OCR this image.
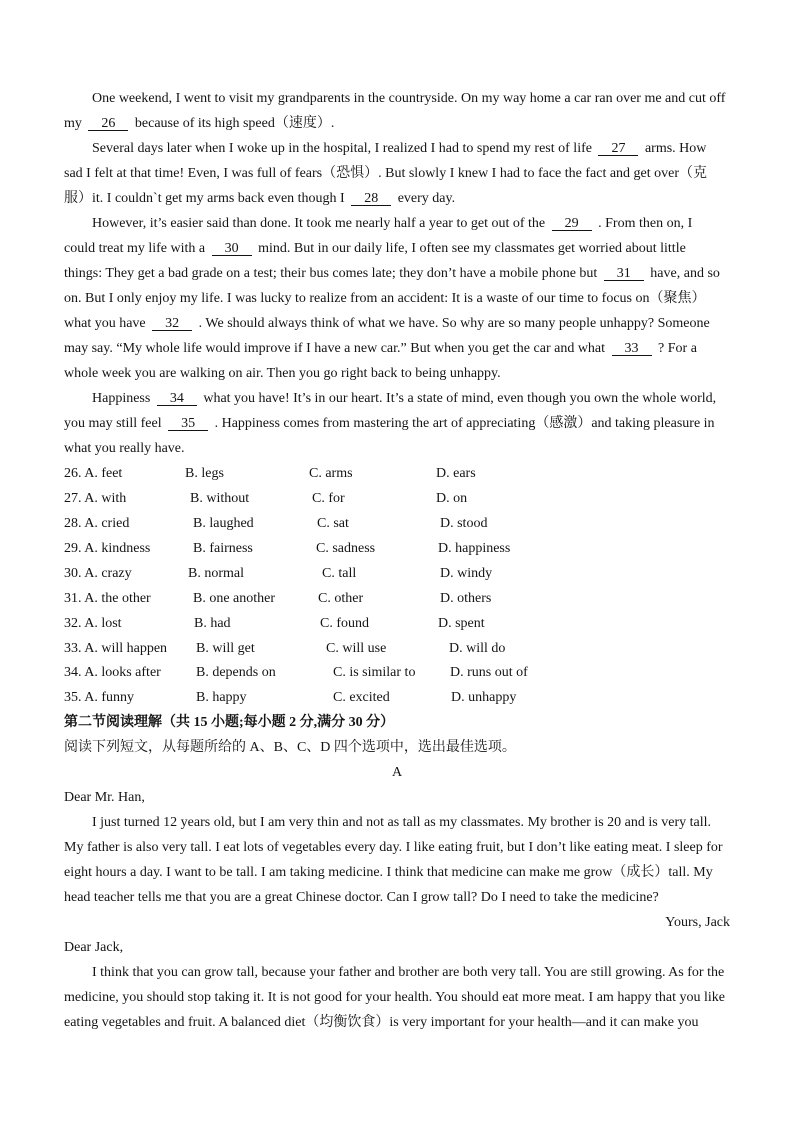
One weekend, I went to visit my grandparents in the countryside. On my way home a car ran over me and cut off
my 26 because of its high speed（速度）.
Several days later when I woke up in the hospital, I realized I had to spend my rest of life 27 arms. How
sad I felt at that time! Even, I was full of fears（恐惧）. But slowly I knew I had to face the fact and get over（克
服）it. I couldn`t get my arms back even though I 28 every day.
However, it’s easier said than done. It took me nearly half a year to get out of the 29 . From then on, I
could treat my life with a 30 mind. But in our daily life, I often see my classmates get worried about little
things: They get a bad grade on a test; their bus comes late; they don’t have a mobile phone but 31 have, and so
on. But I only enjoy my life. I was lucky to realize from an accident: It is a waste of our time to focus on（聚焦）
what you have 32 . We should always think of what we have. So why are so many people unhappy? Someone
may say. “My whole life would improve if I have a new car.” But when you get the car and what 33 ? For a
whole week you are walking on air. Then you go right back to being unhappy.
Happiness 34 what you have! It’s in our heart. It’s a state of mind, even though you own the whole world,
you may still feel 35 . Happiness comes from mastering the art of appreciating（感激）and taking pleasure in
what you really have.
26. A. feet	B. legs	C. arms	D. ears
27. A. with	B. without	C. for	D. on
28. A. cried	B. laughed	C. sat	D. stood
29. A. kindness	B. fairness	C. sadness	D. happiness
30. A. crazy	B. normal	C. tall	D. windy
31. A. the other	B. one another	C. other	D. others
32. A. lost	B. had	C. found	D. spent
33. A. will happen B. will get	C. will use	D. will do
34. A. looks after	B. depends on	C. is similar to D. runs out of
35. A. funny	B. happy	C. excited	D. unhappy
第二节阅读理解（共 15 小题;每小题 2 分,满分 30 分）
阅读下列短文，从每题所给的 A、B、C、D 四个选项中，选出最佳选项。
A
Dear Mr. Han,
I just turned 12 years old, but I am very thin and not as tall as my classmates. My brother is 20 and is very tall.
My father is also very tall. I eat lots of vegetables every day. I like eating fruit, but I don’t like eating meat. I sleep for
eight hours a day. I want to be tall. I am taking medicine. I think that medicine can make me grow（成长）tall. My
head teacher tells me that you are a great Chinese doctor. Can I grow tall? Do I need to take the medicine?
Yours, Jack
Dear Jack,
I think that you can grow tall, because your father and brother are both very tall. You are still growing. As for the
medicine, you should stop taking it. It is not good for your health. You should eat more meat. I am happy that you like
eating vegetables and fruit. A balanced diet（均衡饮食）is very important for your health—and it can make you
